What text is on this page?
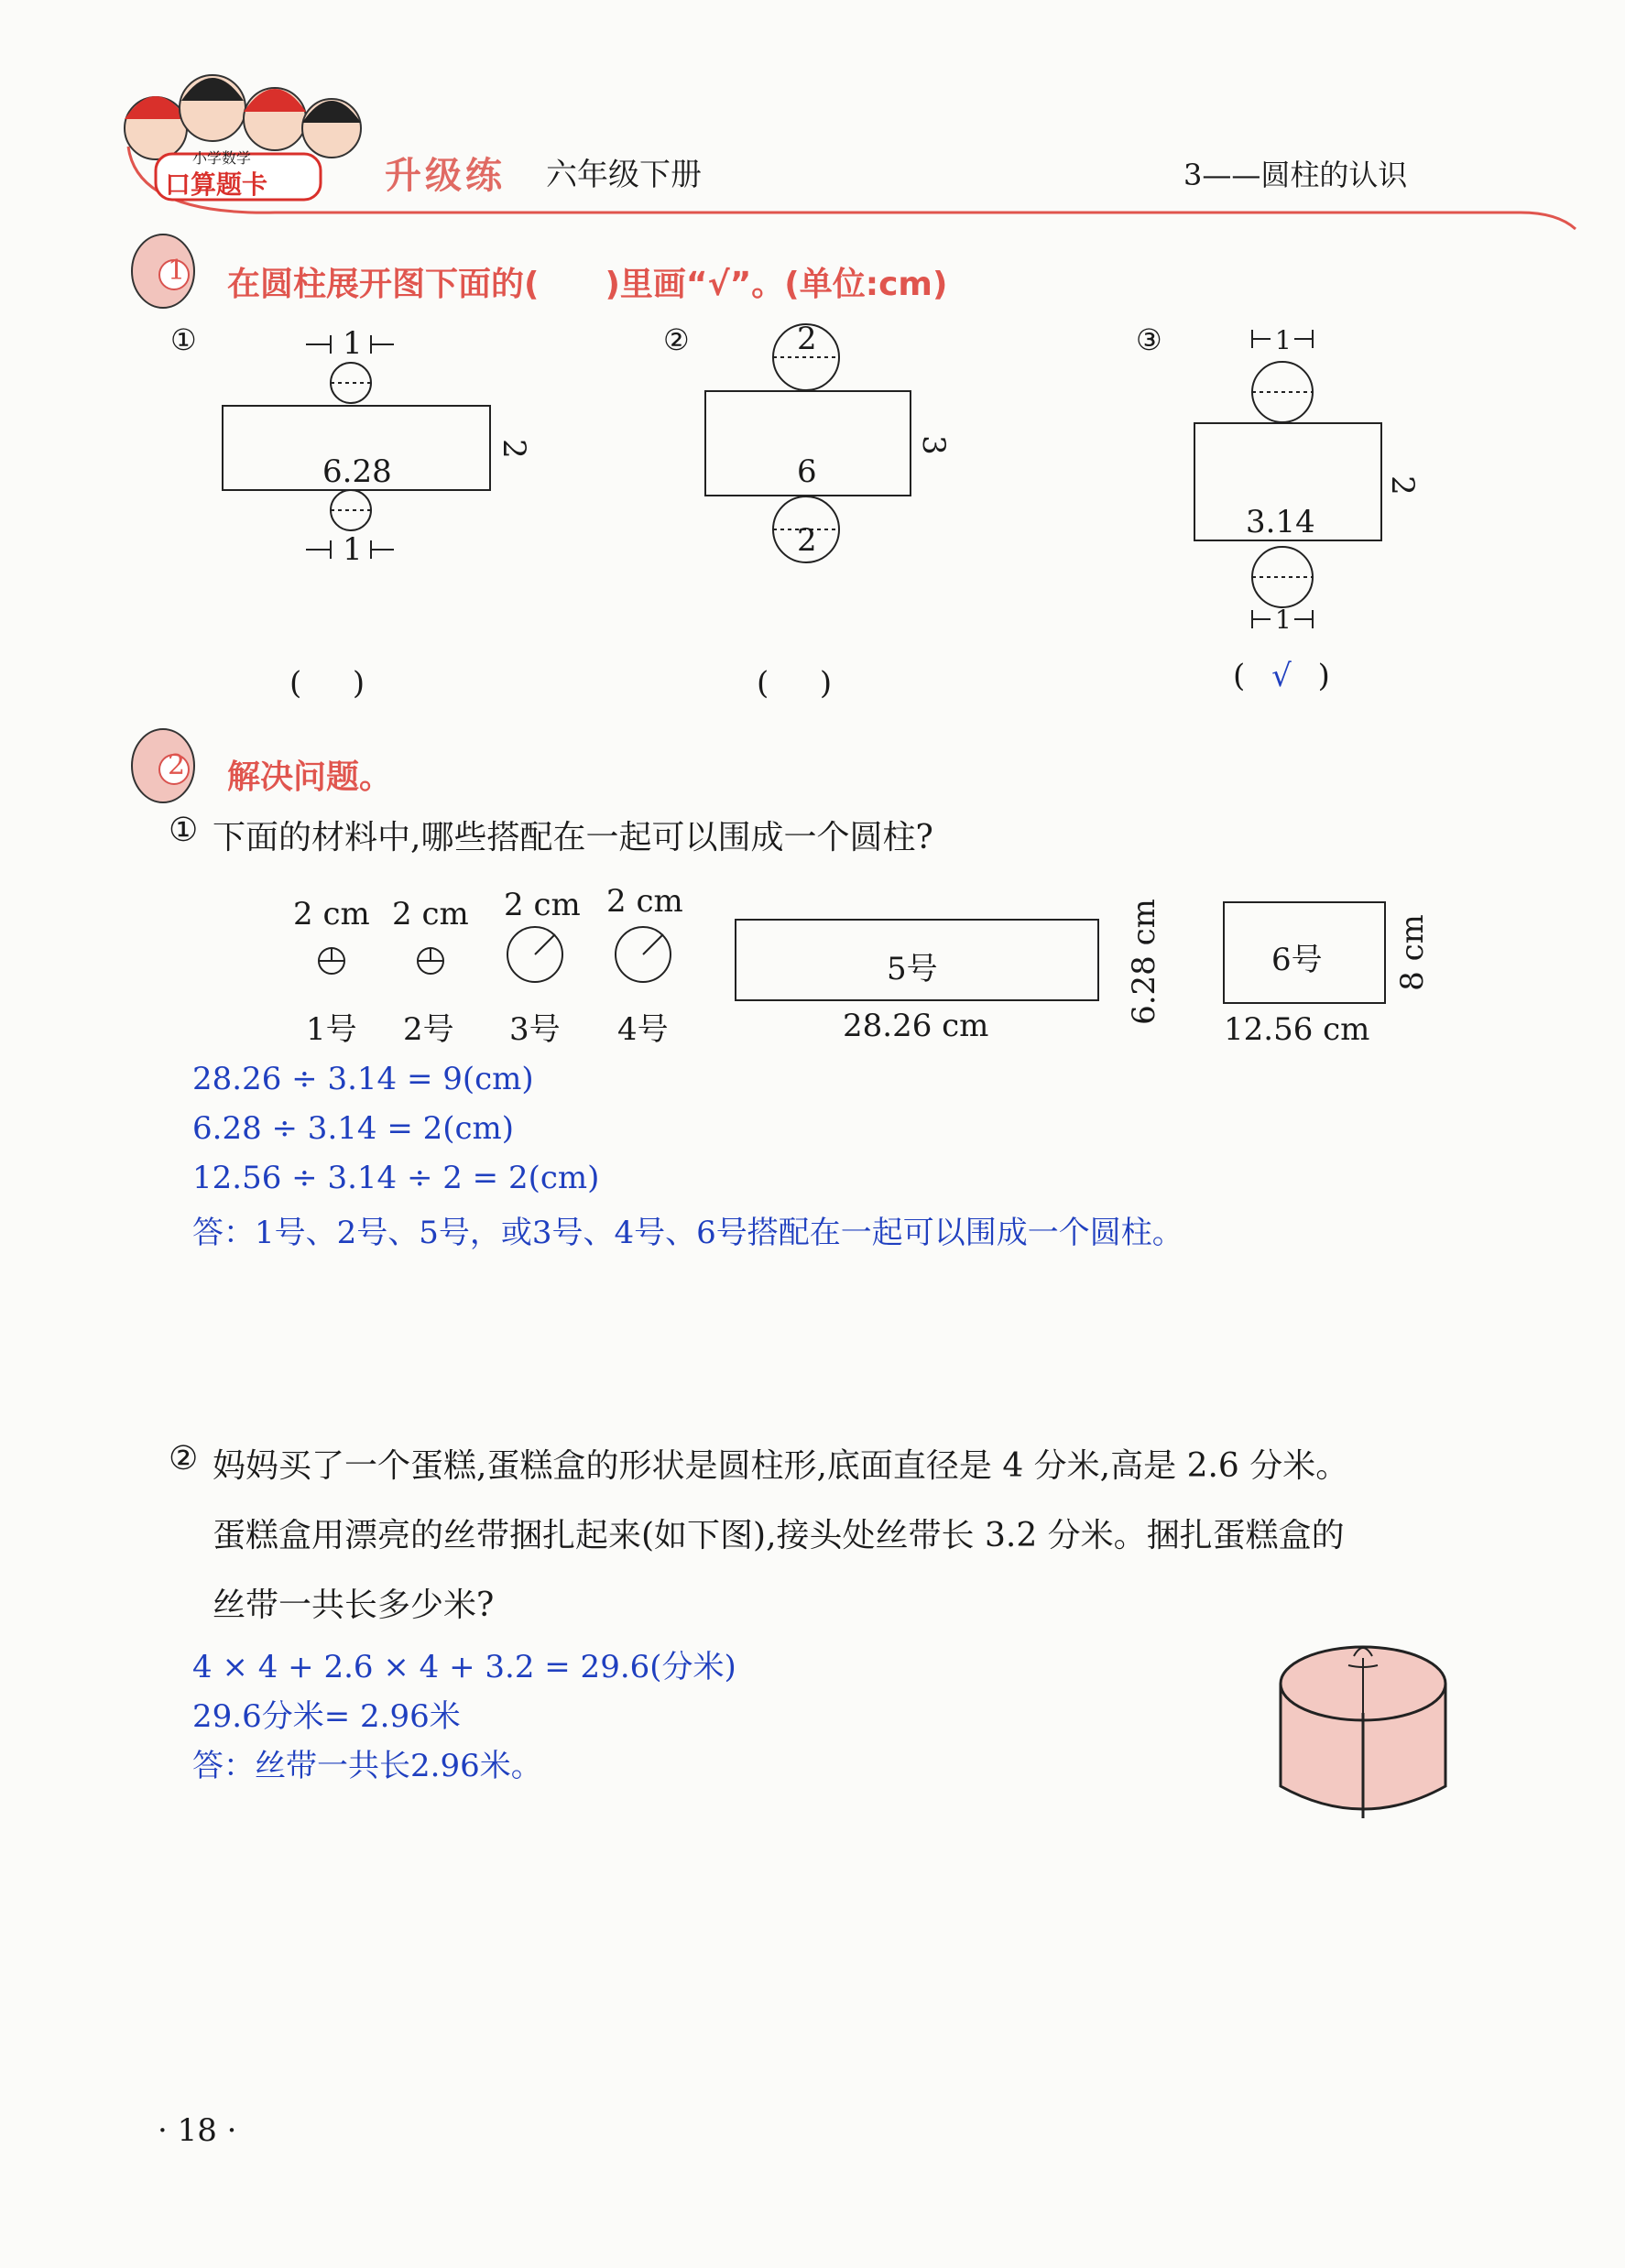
小学数学
口算题卡	升级练 六年级下册	3——圆柱的认识
1 在圆柱展开图下面的(　　)里画“√”。(单位:cm)
①	1
6.28
2
1
( 　 )
②	2
6
3
2
( 　 )
③	1
3.14
2
1
( √ )
2 解决问题。
① 下面的材料中,哪些搭配在一起可以围成一个圆柱?
2 cm 2 cm 2 cm 2 cm
1号 2号 3号 4号
5号
28.26 cm
6.28 cm	6号
12.56 cm
8 cm
28.26 ÷ 3.14 = 9(cm)
6.28 ÷ 3.14 = 2(cm)
12.56 ÷ 3.14 ÷ 2 = 2(cm)
答：1号、2号、5号，或3号、4号、6号搭配在一起可以围成一个圆柱。
② 妈妈买了一个蛋糕,蛋糕盒的形状是圆柱形,底面直径是 4 分米,高是 2.6 分米。
蛋糕盒用漂亮的丝带捆扎起来(如下图),接头处丝带长 3.2 分米。捆扎蛋糕盒的
丝带一共长多少米?
4 × 4 + 2.6 × 4 + 3.2 = 29.6(分米)
29.6分米= 2.96米
答：丝带一共长2.96米。
· 18 ·
